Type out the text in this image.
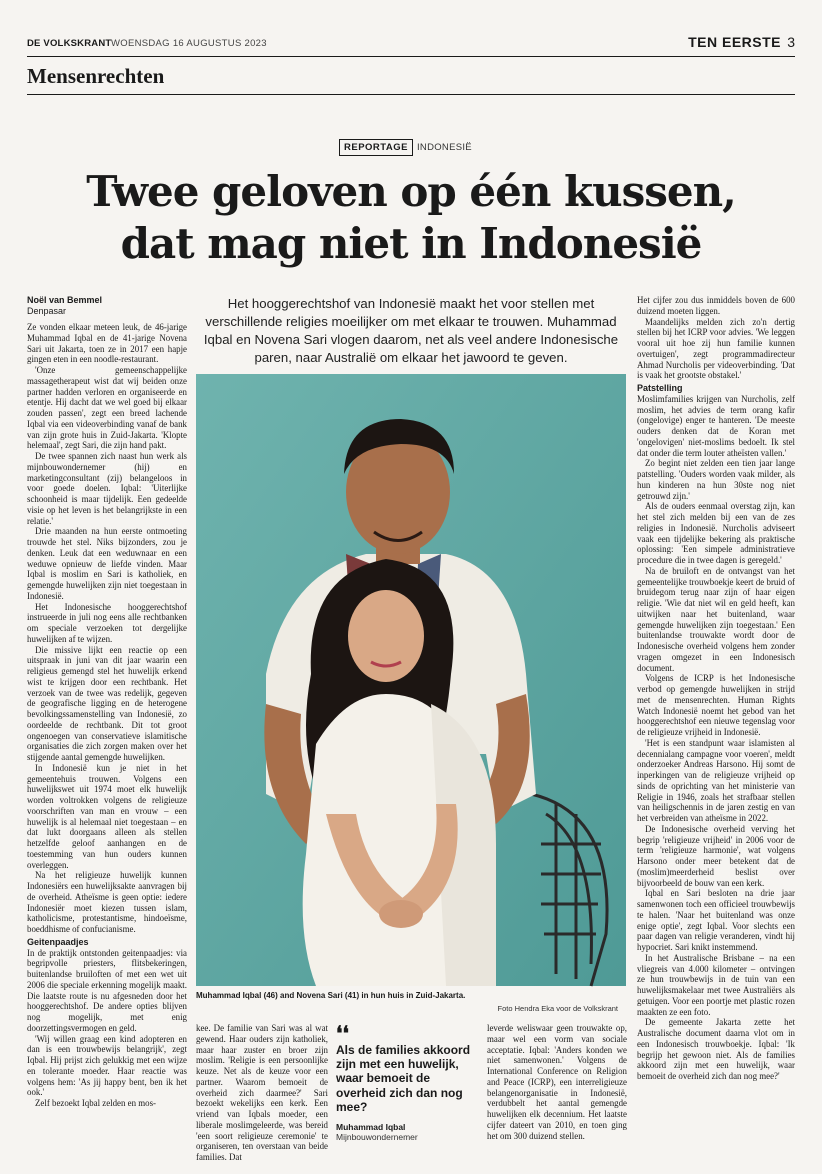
DE VOLKSKRANT WOENSDAG 16 AUGUSTUS 2023	TEN EERSTE 3
Mensenrechten
REPORTAGE INDONESIË
Twee geloven op één kussen,
dat mag niet in Indonesië
Het hooggerechtshof van Indonesië maakt het voor stellen met verschillende religies moeilijker om met elkaar te trouwen. Muhammad Iqbal en Novena Sari vlogen daarom, net als veel andere Indonesische paren, naar Australië om elkaar het jawoord te geven.
Noël van Bemmel
Denpasar

Ze vonden elkaar meteen leuk, de 46-jarige Muhammad Iqbal en de 41-jarige Novena Sari uit Jakarta, toen ze in 2017 een hapje gingen eten in een noodle-restaurant.

'Onze gemeenschappelijke massagetherapeut wist dat wij beiden onze partner hadden verloren en organiseerde en etentje. Hij dacht dat we wel goed bij elkaar zouden passen', zegt een breed lachende Iqbal via een videoverbinding vanaf de bank van zijn grote huis in Zuid-Jakarta. 'Klopte helemaal', zegt Sari, die zijn hand pakt.

De twee spannen zich naast hun werk als mijnbouwondernemer (hij) en marketingconsultant (zij) belangeloos in voor goede doelen. Iqbal: 'Uiterlijke schoonheid is maar tijdelijk. Een gedeelde visie op het leven is het belangrijkste in een relatie.'

Drie maanden na hun eerste ontmoeting trouwde het stel. Niks bijzonders, zou je denken. Leuk dat een weduwnaar en een weduwe opnieuw de liefde vinden. Maar Iqbal is moslim en Sari is katholiek, en gemengde huwelijken zijn niet toegestaan in Indonesië.

Het Indonesische hooggerechtshof instrueerde in juli nog eens alle rechtbanken om speciale verzoeken tot dergelijke huwelijken af te wijzen.

Die missive lijkt een reactie op een uitspraak in juni van dit jaar waarin een religieus gemengd stel het huwelijk erkend wist te krijgen door een rechtbank. Het verzoek van de twee was redelijk, gegeven de geografische ligging en de heterogene bevolkingssamenstelling van Indonesië, zo oordeelde de rechtbank. Dit tot groot ongenoegen van conservatieve islamitische organisaties die zich zorgen maken over het stijgende aantal gemengde huwelijken.

In Indonesië kun je niet in het gemeentehuis trouwen. Volgens een huwelijkswet uit 1974 moet elk huwelijk worden voltrokken volgens de religieuze voorschriften van man en vrouw – een huwelijk is al helemaal niet toegestaan – en dat lukt doorgaans alleen als stellen hetzelfde geloof aanhangen en de toestemming van hun ouders kunnen overleggen.

Na het religieuze huwelijk kunnen Indonesiërs een huwelijksakte aanvragen bij de overheid. Atheïsme is geen optie: iedere Indonesiër moet kiezen tussen islam, katholicisme, protestantisme, hindoeïsme, boeddhisme of confucianisme.

Geitenpaadjes

In de praktijk ontstonden geitenpaadjes: via begripvolle priesters, flitsbekeringen, buitenlandse bruiloften of met een wet uit 2006 die speciale erkenning mogelijk maakt. Die laatste route is nu afgesneden door het hooggerechtshof. De andere opties blijven nog mogelijk, met enig doorzettingsvermogen en geld.

'Wij willen graag een kind adopteren en dan is een trouwbewijs belangrijk', zegt Iqbal. Hij prijst zich gelukkig met een wijze en tolerante moeder. Haar reactie was volgens hem: 'As jij happy bent, ben ik het ook.'

Zelf bezoekt Iqbal zelden en mos-

Het cijfer zou dus inmiddels boven de 600 duizend moeten liggen.

Maandelijks melden zich zo'n dertig stellen bij het ICRP voor advies. 'We leggen vooral uit hoe zij hun familie kunnen overtuigen', zegt programmadirecteur Ahmad Nurcholis per videoverbinding. 'Dat is vaak het grootste obstakel.'

Patstelling

Moslimfamilies krijgen van Nurcholis, zelf moslim, het advies de term orang kafir (ongelovige) enger te hanteren. 'De meeste ouders denken dat de Koran met 'ongelovigen' niet-moslims bedoelt. Ik stel dat onder die term louter atheïsten vallen.'

Zo begint niet zelden een tien jaar lange patstelling. 'Ouders worden vaak milder, als hun kinderen na hun 30ste nog niet getrouwd zijn.'

Als de ouders eenmaal overstag zijn, kan het stel zich melden bij een van de zes religies in Indonesië. Nurcholis adviseert vaak een tijdelijke bekering als praktische oplossing: 'Een simpele administratieve procedure die in twee dagen is geregeld.'

Na de bruiloft en de ontvangst van het gemeentelijke trouwboekje keert de bruid of bruidegom terug naar zijn of haar eigen religie. 'Wie dat niet wil en geld heeft, kan uitwijken naar het buitenland, waar gemengde huwelijken zijn toegestaan.' Een buitenlandse trouwakte wordt door de Indonesische overheid volgens hem zonder vragen omgezet in een Indonesisch document.

Volgens de ICRP is het Indonesische verbod op gemengde huwelijken in strijd met de mensenrechten. Human Rights Watch Indonesië noemt het gebod van het hooggerechtshof een nieuwe tegenslag voor de religieuze vrijheid in Indonesië.

'Het is een standpunt waar islamisten al decennialang campagne voor voeren', meldt onderzoeker Andreas Harsono. Hij somt de inperkingen van de religieuze vrijheid op sinds de oprichting van het ministerie van Religie in 1946, zoals het strafbaar stellen van heiligschennis in de jaren zestig en van het verbreiden van atheïsme in 2022.

De Indonesische overheid verving het begrip 'religieuze vrijheid' in 2006 voor de term 'religieuze harmonie', wat volgens Harsono onder meer betekent dat de (moslim)meerderheid beslist over bijvoorbeeld de bouw van een kerk.

Iqbal en Sari besloten na drie jaar samenwonen toch een officieel trouwbewijs te halen. 'Naar het buitenland was onze enige optie', zegt Iqbal. Voor slechts een paar dagen van religie veranderen, vindt hij hypocriet. Sari knikt instemmend.

In het Australische Brisbane – na een vliegreis van 4.000 kilometer – ontvingen ze hun trouwbewijs in de tuin van een huwelijksmakelaar met twee Australiërs als getuigen. Voor een poortje met plastic rozen maakten ze een foto.

De gemeente Jakarta zette het Australische document daarna vlot om in een Indonesisch trouwboekje. Iqbal: 'Ik begrijp het gewoon niet. Als de families akkoord zijn met een huwelijk, waar bemoeit de overheid zich dan nog mee?'

Muhammad Iqbal (46) and Novena Sari (41) in hun huis in Zuid-Jakarta.
Foto Hendra Eka voor de Volkskrant

kee. De familie van Sari was al wat gewend. Haar ouders zijn katholiek, maar haar zuster en broer zijn moslim. 'Religie is een persoonlijke keuze. Net als de keuze voor een partner. Waarom bemoeit de overheid zich daarmee?' Sari bezoekt wekelijks een kerk. Een vriend van Iqbals moeder, een liberale moslimgeleerde, was bereid 'een soort religieuze ceremonie' te organiseren, ten overstaan van beide families. Dat

❛❛
Als de families akkoord zijn met een huwelijk, waar bemoeit de overheid zich dan nog mee?
Muhammad Iqbal
Mijnbouwondernemer

leverde weliswaar geen trouwakte op, maar wel een vorm van sociale acceptatie. Iqbal: 'Anders konden we niet samenwonen.' Volgens de International Conference on Religion and Peace (ICRP), een interreligieuze belangenorganisatie in Indonesië, verdubbelt het aantal gemengde huwelijken elk decennium. Het laatste cijfer dateert van 2010, en toen ging het om 300 duizend stellen.
